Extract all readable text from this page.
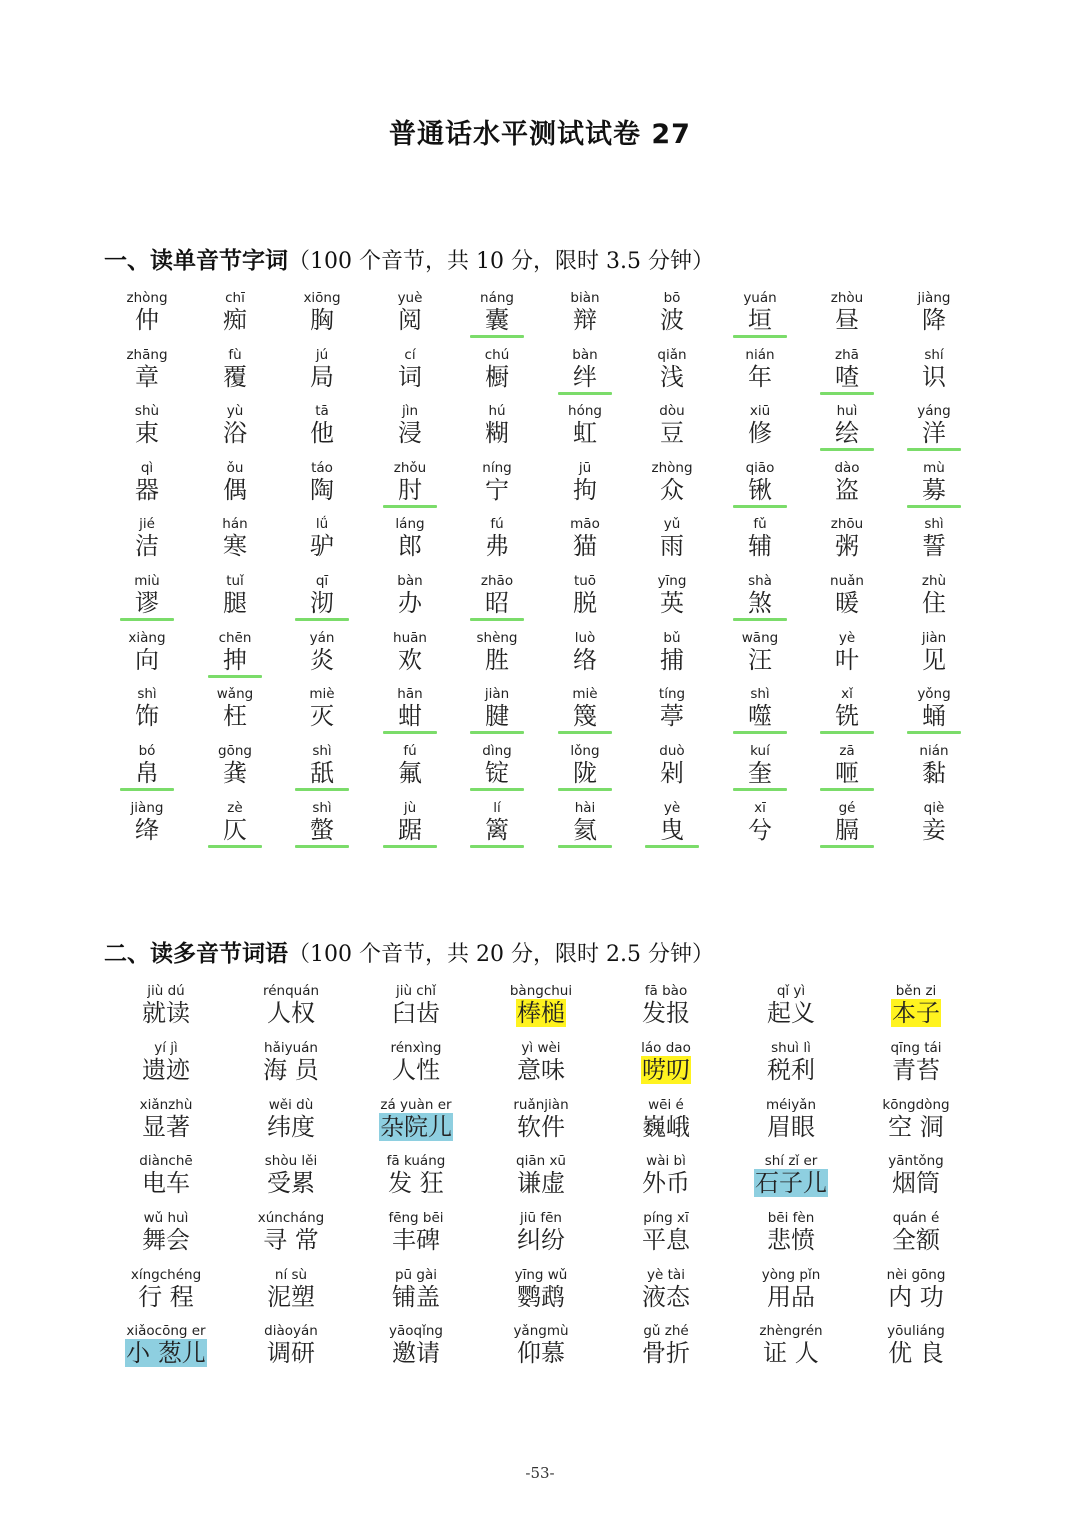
普通话水平测试试卷 27
一、读单音节字词（100 个音节，共 10 分，限时 3.5 分钟）
zhòng
仲
chī
痴
xiōng
胸
yuè
阅
náng
囊
biàn
辩
bō
波
yuán
垣
zhòu
昼
jiàng
降
zhāng
章
fù
覆
jú
局
cí
词
chú
橱
bàn
绊
qiǎn
浅
nián
年
zhā
喳
shí
识
shù
束
yù
浴
tā
他
jìn
浸
hú
糊
hóng
虹
dòu
豆
xiū
修
huì
绘
yáng
洋
qì
器
ǒu
偶
táo
陶
zhǒu
肘
níng
宁
jū
拘
zhòng
众
qiāo
锹
dào
盗
mù
募
jié
洁
hán
寒
lǘ
驴
láng
郎
fú
弗
māo
猫
yǔ
雨
fǔ
辅
zhōu
粥
shì
誓
miù
谬
tuǐ
腿
qī
沏
bàn
办
zhāo
昭
tuō
脱
yīng
英
shà
煞
nuǎn
暖
zhù
住
xiàng
向
chēn
抻
yán
炎
huān
欢
shèng
胜
luò
络
bǔ
捕
wāng
汪
yè
叶
jiàn
见
shì
饰
wǎng
枉
miè
灭
hān
蚶
jiàn
腱
miè
篾
tíng
葶
shì
噬
xǐ
铣
yǒng
蛹
bó
帛
gōng
龚
shì
舐
fú
氟
dìng
锭
lǒng
陇
duò
剁
kuí
奎
zā
咂
nián
黏
jiàng
绛
zè
仄
shì
螫
jù
踞
lí
篱
hài
氦
yè
曳
xī
兮
gé
膈
qiè
妾
二、读多音节词语（100 个音节，共 20 分，限时 2.5 分钟）
jiù dú
就读
rénquán
人权
jiù chǐ
臼齿
bàngchui
棒槌
fā bào
发报
qǐ yì
起义
běn zi
本子
yí jì
遗迹
hǎiyuán
海 员
rénxìng
人性
yì wèi
意味
láo dao
唠叨
shuì lì
税利
qīng tái
青苔
xiǎnzhù
显著
wěi dù
纬度
zá yuàn er
杂院儿
ruǎnjiàn
软件
wēi é
巍峨
méiyǎn
眉眼
kōngdòng
空 洞
diànchē
电车
shòu lěi
受累
fā kuáng
发 狂
qiān xū
谦虚
wài bì
外币
shí zǐ er
石子儿
yāntǒng
烟筒
wǔ huì
舞会
xúncháng
寻 常
fēng bēi
丰碑
jiū fēn
纠纷
píng xī
平息
bēi fèn
悲愤
quán é
全额
xíngchéng
行 程
ní sù
泥塑
pū gài
铺盖
yīng wǔ
鹦鹉
yè tài
液态
yòng pǐn
用品
nèi gōng
内 功
xiǎocōng er
小 葱儿
diàoyán
调研
yāoqǐng
邀请
yǎngmù
仰慕
gǔ zhé
骨折
zhèngrén
证 人
yōuliáng
优 良
-53-
